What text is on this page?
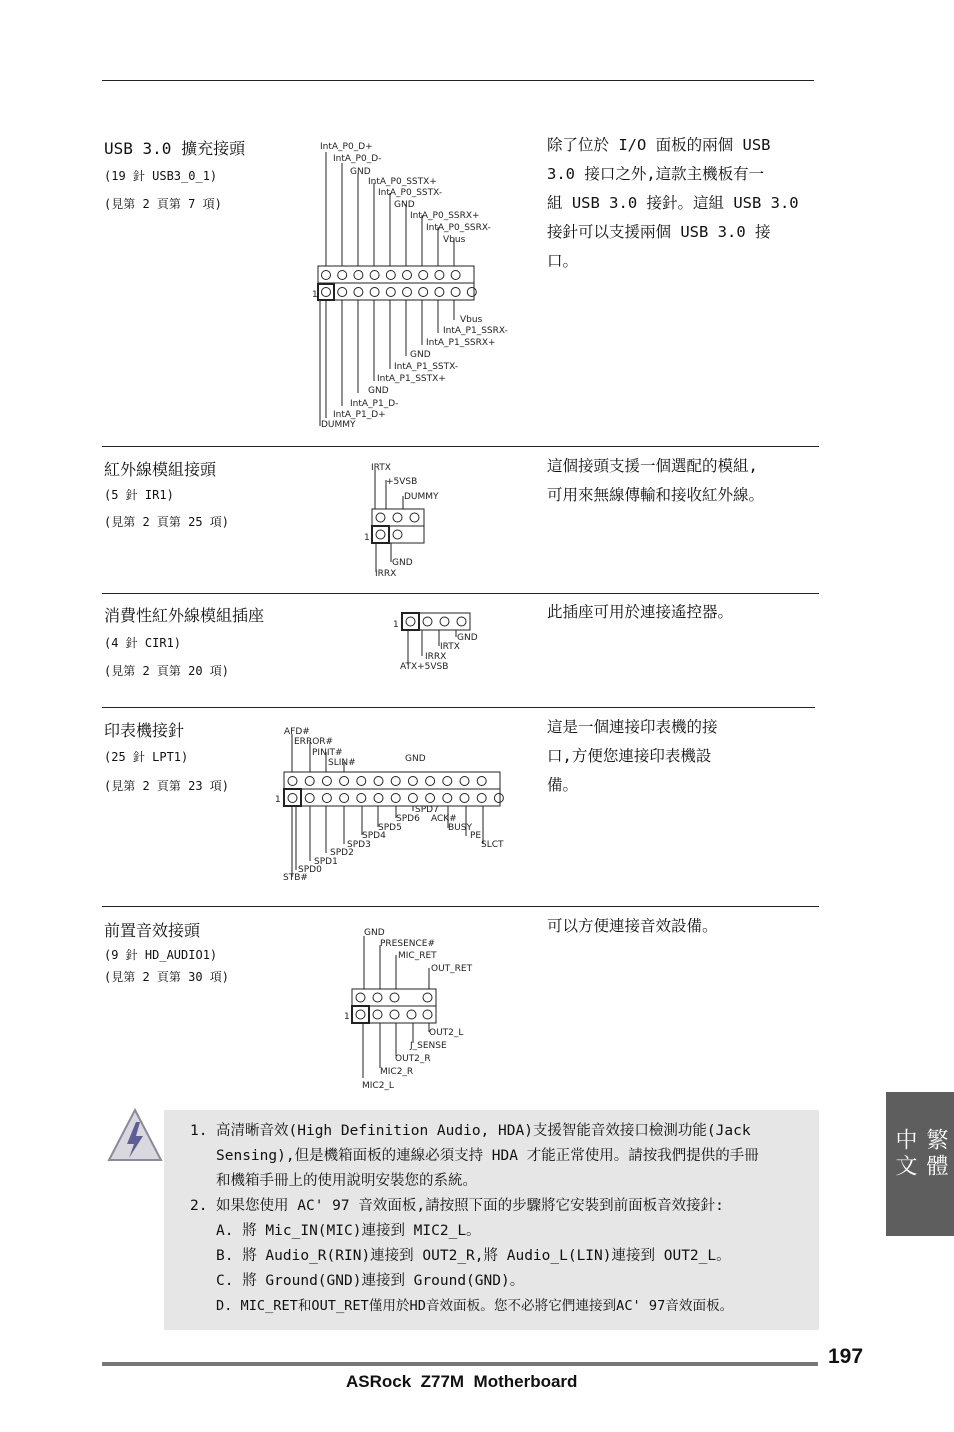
USB 3.0 擴充接頭
(19 針 USB3_0_1)
(見第 2 頁第 7 項)
除了位於 I/O 面板的兩個 USB
3.0 接口之外,這款主機板有一
組 USB 3.0 接針。這組 USB 3.0
接針可以支援兩個 USB 3.0 接
口。
IntA_P0_D+
IntA_P0_D-
GND
IntA_P0_SSTX+
IntA_P0_SSTX-
GND
IntA_P0_SSRX+
IntA_P0_SSRX-
Vbus
1
Vbus
IntA_P1_SSRX-
IntA_P1_SSRX+
GND
IntA_P1_SSTX-
IntA_P1_SSTX+
GND
IntA_P1_D-
IntA_P1_D+
DUMMY
紅外線模組接頭
(5 針 IR1)
(見第 2 頁第 25 項)
這個接頭支援一個選配的模組,
可用來無線傳輸和接收紅外線。
IRTX
+5VSB
DUMMY
1
GND
IRRX
消費性紅外線模組插座
(4 針 CIR1)
(見第 2 頁第 20 項)
此插座可用於連接遙控器。
1
GND
IRTX
IRRX
ATX+5VSB
印表機接針
(25 針 LPT1)
(見第 2 頁第 23 項)
這是一個連接印表機的接
口,方便您連接印表機設
備。
AFD#
ERROR#
PINIT#
SLIN#	GND
1
SPD7
SPD6 ACK#
SPD5	BUSY
SPD4	PE
SPD3	SLCT
SPD2
SPD1
SPD0
STB#
前置音效接頭
(9 針 HD_AUDIO1)
(見第 2 頁第 30 項)
可以方便連接音效設備。
GND
PRESENCE#
MIC_RET
OUT_RET
1
OUT2_L
J_SENSE
OUT2_R
MIC2_R
MIC2_L
1. 高清晰音效(High Definition Audio, HDA)支援智能音效接口檢測功能(Jack
Sensing),但是機箱面板的連線必須支持 HDA 才能正常使用。請按我們提供的手冊
和機箱手冊上的使用說明安裝您的系統。
2. 如果您使用 AC' 97 音效面板,請按照下面的步驟將它安裝到前面板音效接針:
A. 將 Mic_IN(MIC)連接到 MIC2_L。
B. 將 Audio_R(RIN)連接到 OUT2_R,將 Audio_L(LIN)連接到 OUT2_L。
C. 將 Ground(GND)連接到 Ground(GND)。
D. MIC_RET和OUT_RET僅用於HD音效面板。您不必將它們連接到AC' 97音效面板。
繁體中文
197
ASRock  Z77M  Motherboard
